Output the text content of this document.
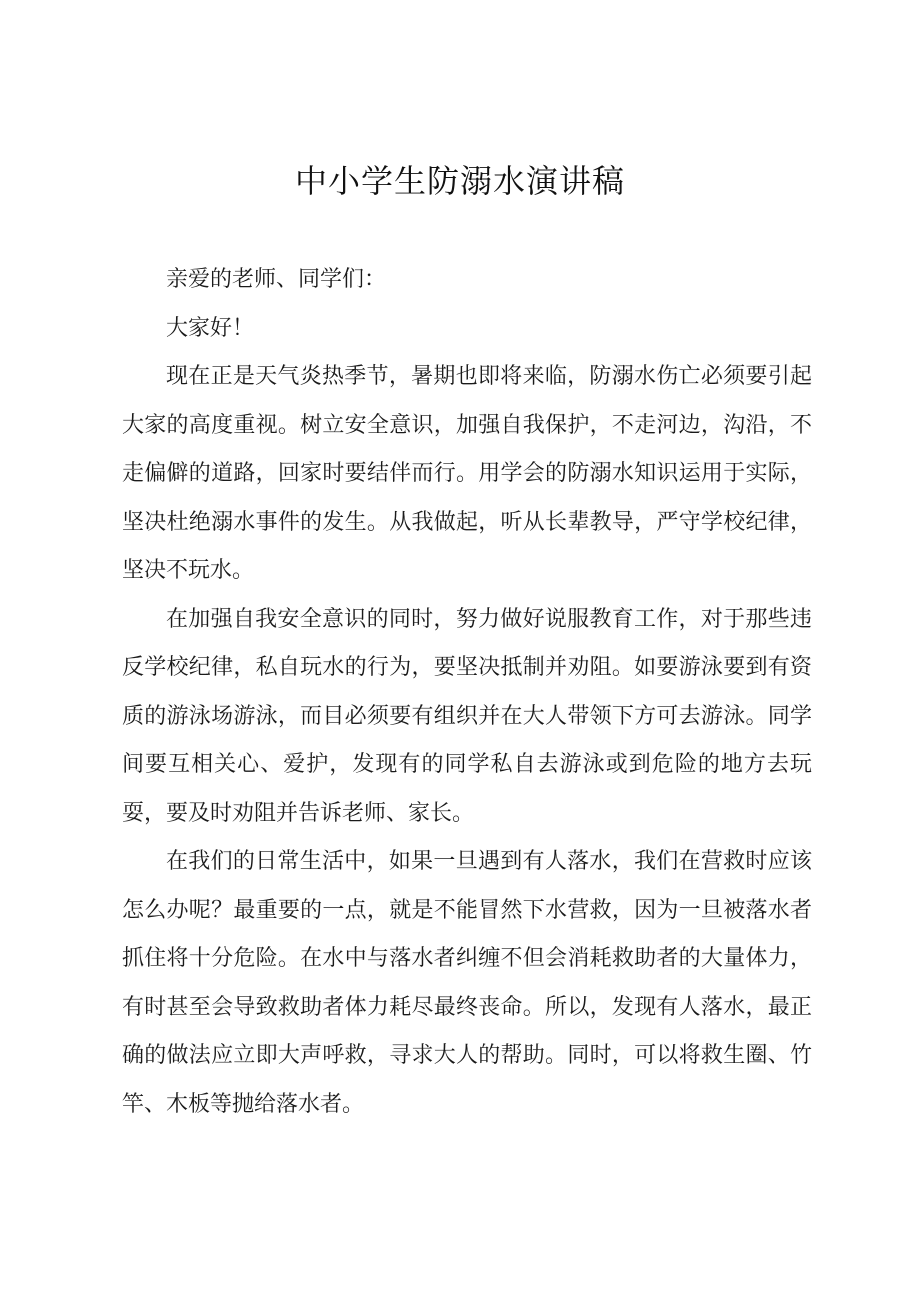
中小学生防溺水演讲稿

亲爱的老师、同学们：

大家好！

现在正是天气炎热季节，暑期也即将来临，防溺水伤亡必须要引起大家的高度重视。树立安全意识，加强自我保护，不走河边，沟沿，不走偏僻的道路，回家时要结伴而行。用学会的防溺水知识运用于实际，坚决杜绝溺水事件的发生。从我做起，听从长辈教导，严守学校纪律，坚决不玩水。

在加强自我安全意识的同时，努力做好说服教育工作，对于那些违反学校纪律，私自玩水的行为，要坚决抵制并劝阻。如要游泳要到有资质的游泳场游泳，而目必须要有组织并在大人带领下方可去游泳。同学间要互相关心、爱护，发现有的同学私自去游泳或到危险的地方去玩耍，要及时劝阻并告诉老师、家长。

在我们的日常生活中，如果一旦遇到有人落水，我们在营救时应该怎么办呢？最重要的一点，就是不能冒然下水营救，因为一旦被落水者抓住将十分危险。在水中与落水者纠缠不但会消耗救助者的大量体力，有时甚至会导致救助者体力耗尽最终丧命。所以，发现有人落水，最正确的做法应立即大声呼救，寻求大人的帮助。同时，可以将救生圈、竹竿、木板等抛给落水者。
